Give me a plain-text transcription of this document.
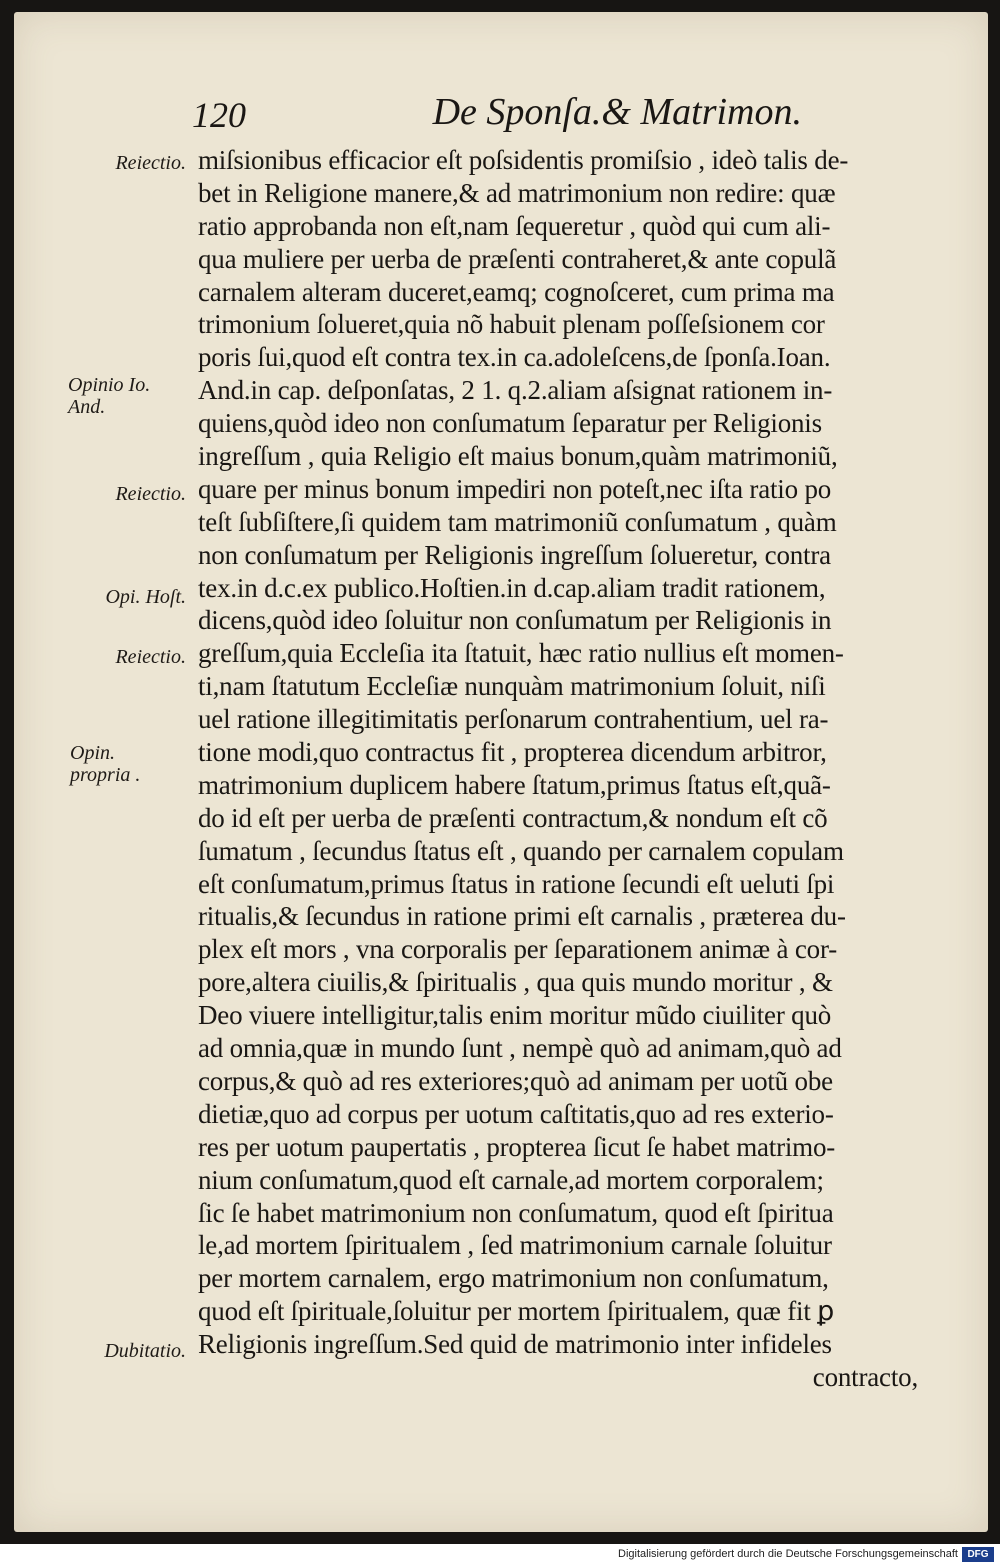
120	De Sponſa.& Matrimon.
Reiectio.
Opinio Io. And.
Reiectio.
Opi. Hoſt.
Reiectio.
Opin. propria .
Dubitatio.
miſsionibus efficacior eſt poſsidentis promiſsio , ideò talis de-
bet in Religione manere,& ad matrimonium non redire: quæ
ratio approbanda non eſt,nam ſequeretur , quòd qui cum ali-
qua muliere per uerba de præſenti contraheret,& ante copulã
carnalem alteram duceret,eamq; cognoſceret, cum prima ma
trimonium ſolueret,quia nõ habuit plenam poſſeſsionem cor
poris ſui,quod eſt contra tex.in ca.adoleſcens,de ſponſa.Ioan.
And.in cap. deſponſatas, 2 1. q.2.aliam aſsignat rationem in-
quiens,quòd ideo non conſumatum ſeparatur per Religionis
ingreſſum , quia Religio eſt maius bonum,quàm matrimoniũ,
quare per minus bonum impediri non poteſt,nec iſta ratio po
teſt ſubſiſtere,ſi quidem tam matrimoniũ conſumatum , quàm
non conſumatum per Religionis ingreſſum ſolueretur, contra
tex.in d.c.ex publico.Hoſtien.in d.cap.aliam tradit rationem,
dicens,quòd ideo ſoluitur non conſumatum per Religionis in
greſſum,quia Eccleſia ita ſtatuit, hæc ratio nullius eſt momen-
ti,nam ſtatutum Eccleſiæ nunquàm matrimonium ſoluit, niſi
uel ratione illegitimitatis perſonarum contrahentium, uel ra-
tione modi,quo contractus fit , propterea dicendum arbitror,
matrimonium duplicem habere ſtatum,primus ſtatus eſt,quã-
do id eſt per uerba de præſenti contractum,& nondum eſt cõ
ſumatum , ſecundus ſtatus eſt , quando per carnalem copulam
eſt conſumatum,primus ſtatus in ratione ſecundi eſt ueluti ſpi
ritualis,& ſecundus in ratione primi eſt carnalis , præterea du-
plex eſt mors , vna corporalis per ſeparationem animæ à cor-
pore,altera ciuilis,& ſpiritualis , qua quis mundo moritur , &
Deo viuere intelligitur,talis enim moritur mũdo ciuiliter quò
ad omnia,quæ in mundo ſunt , nempè quò ad animam,quò ad
corpus,& quò ad res exteriores;quò ad animam per uotũ obe
dietiæ,quo ad corpus per uotum caſtitatis,quo ad res exterio-
res per uotum paupertatis , propterea ſicut ſe habet matrimo-
nium conſumatum,quod eſt carnale,ad mortem corporalem;
ſic ſe habet matrimonium non conſumatum, quod eſt ſpiritua
le,ad mortem ſpiritualem , ſed matrimonium carnale ſoluitur
per mortem carnalem, ergo matrimonium non conſumatum,
quod eſt ſpirituale,ſoluitur per mortem ſpiritualem, quæ fit ꝑ
Religionis ingreſſum.Sed quid de matrimonio inter infideles
contracto,
Digitalisierung gefördert durch die Deutsche Forschungsgemeinschaft DFG
